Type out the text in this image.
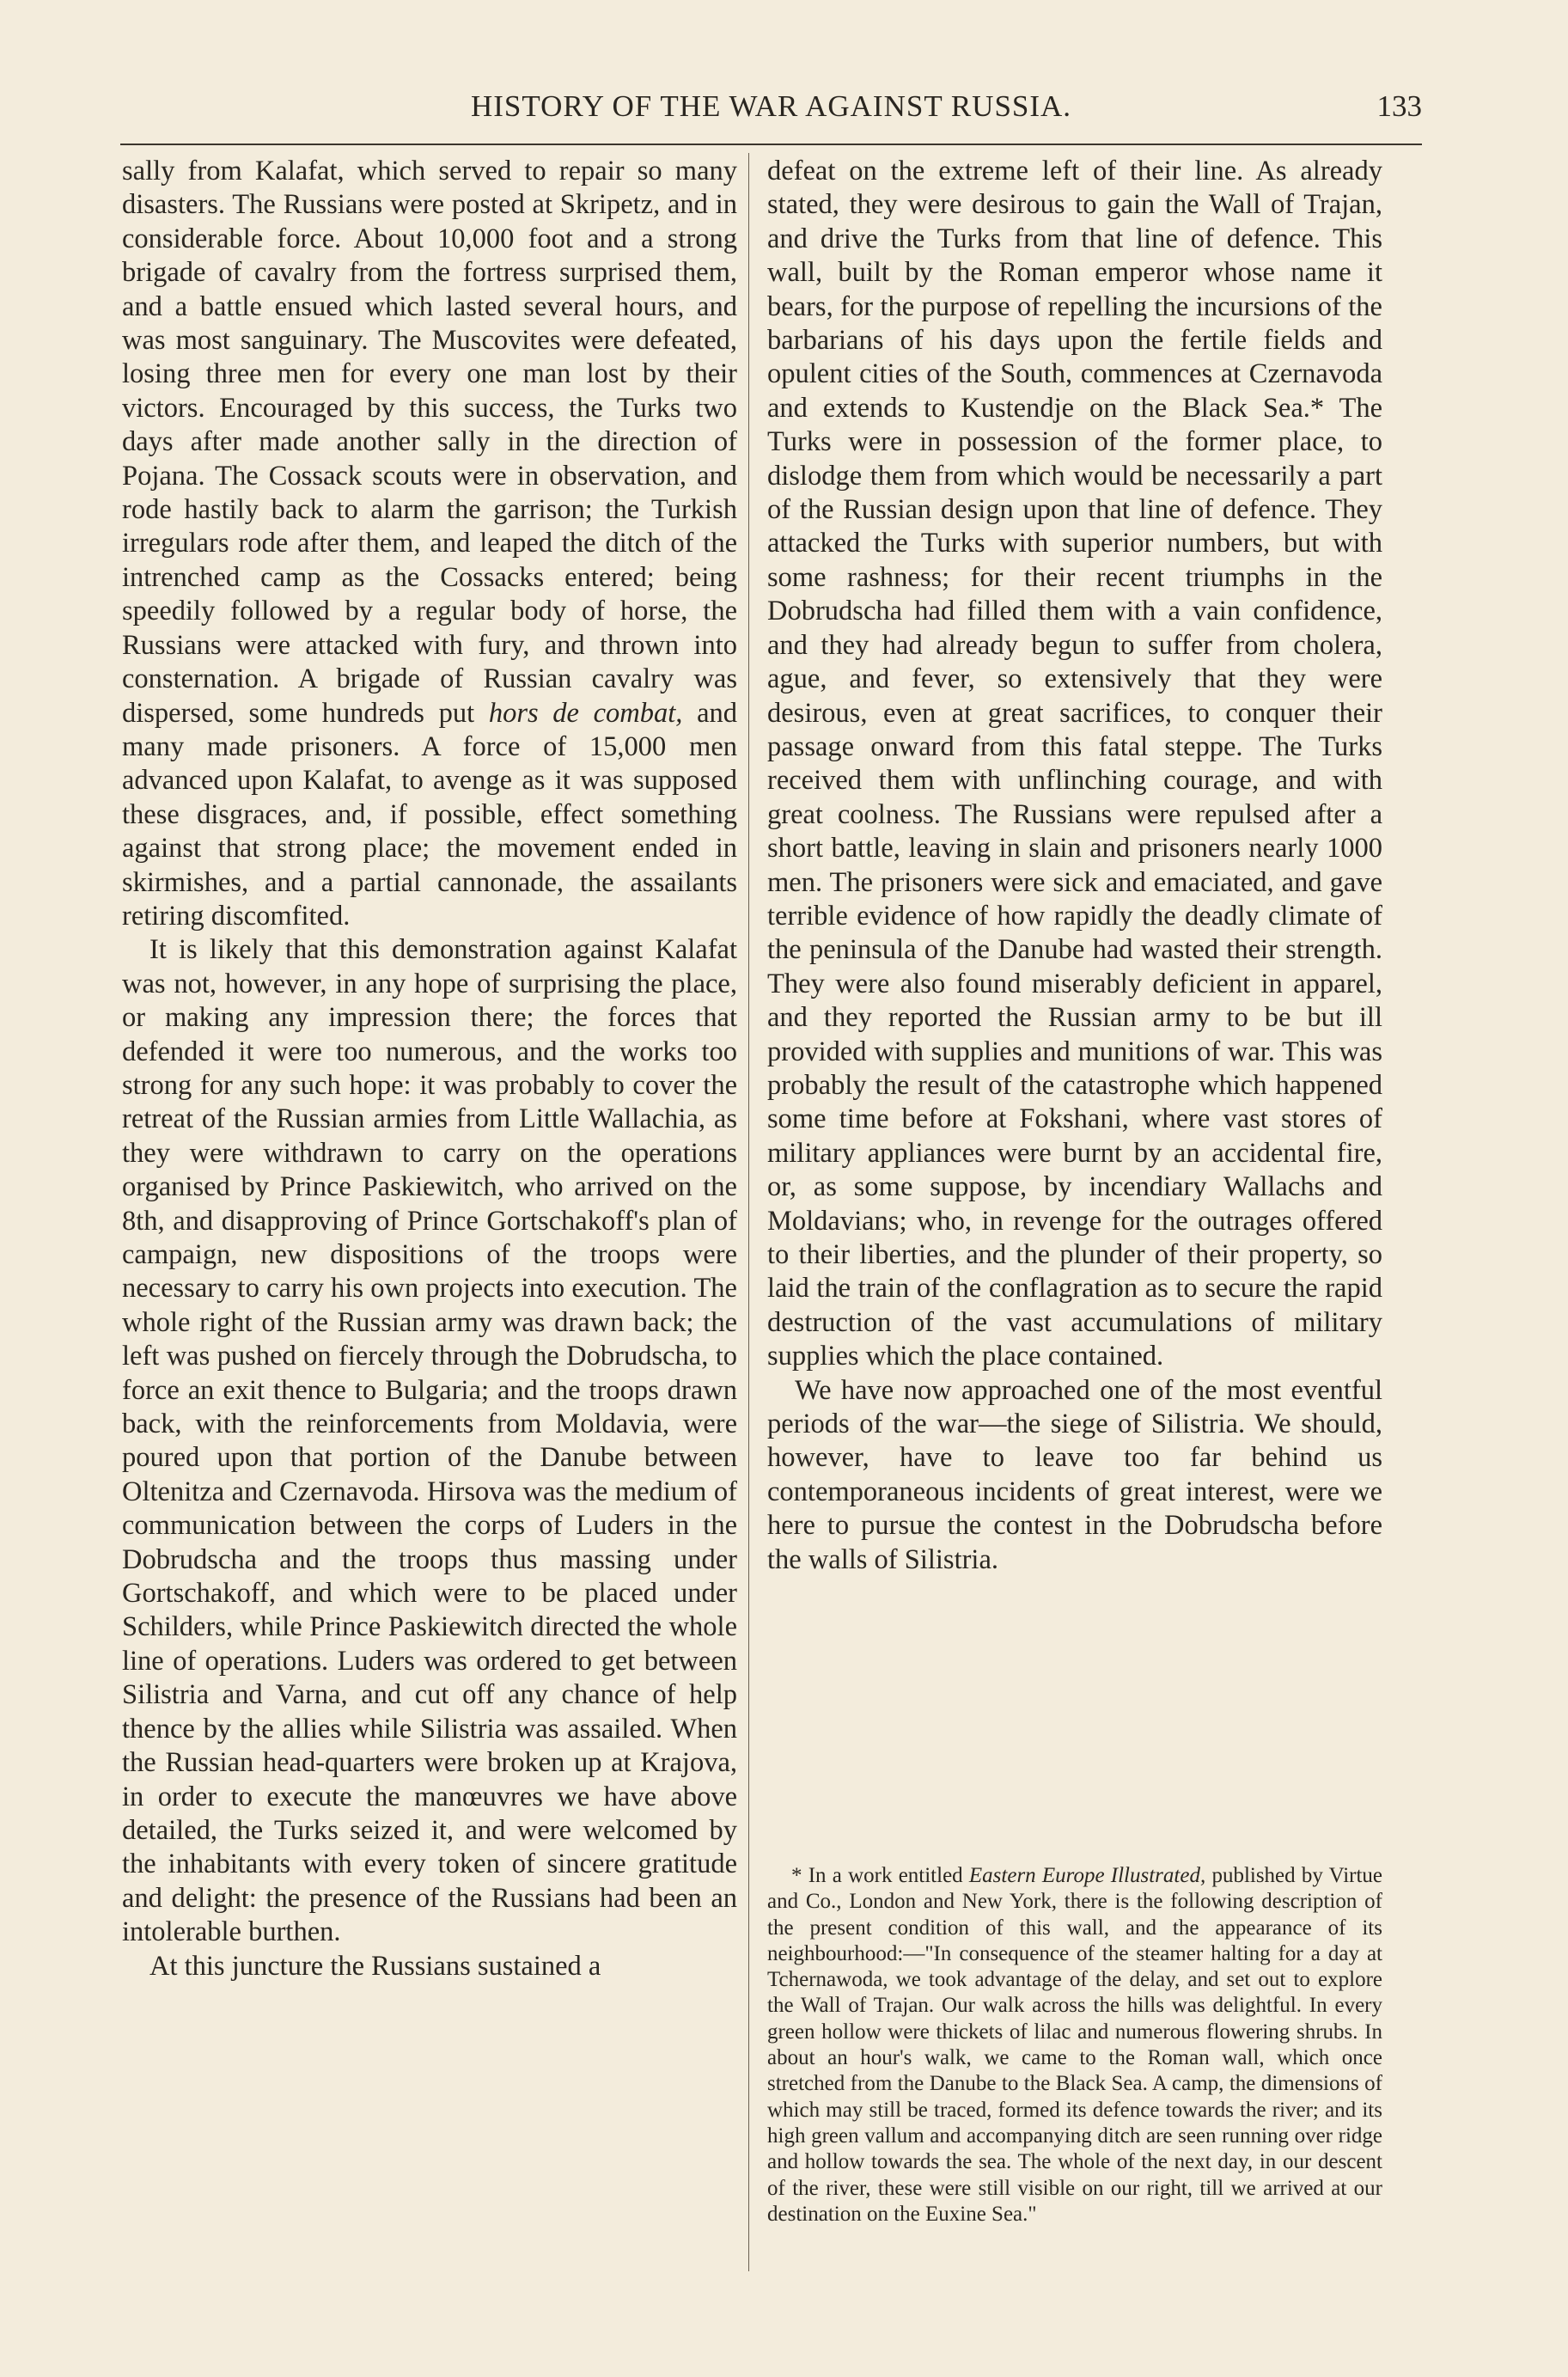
HISTORY OF THE WAR AGAINST RUSSIA.	133

sally from Kalafat, which served to repair so many disasters. The Russians were posted at Skripetz, and in considerable force. About 10,000 foot and a strong brigade of cavalry from the fortress surprised them, and a battle ensued which lasted several hours, and was most sanguinary. The Muscovites were defeated, losing three men for every one man lost by their victors. Encouraged by this success, the Turks two days after made another sally in the direction of Pojana. The Cossack scouts were in observation, and rode hastily back to alarm the garrison; the Turkish irregulars rode after them, and leaped the ditch of the intrenched camp as the Cossacks entered; being speedily followed by a regular body of horse, the Russians were attacked with fury, and thrown into consternation. A brigade of Russian cavalry was dispersed, some hundreds put hors de combat, and many made prisoners. A force of 15,000 men advanced upon Kalafat, to avenge as it was supposed these disgraces, and, if possible, effect something against that strong place; the movement ended in skirmishes, and a partial cannonade, the assailants retiring discomfited.

It is likely that this demonstration against Kalafat was not, however, in any hope of surprising the place, or making any impression there; the forces that defended it were too numerous, and the works too strong for any such hope: it was probably to cover the retreat of the Russian armies from Little Wallachia, as they were withdrawn to carry on the operations organised by Prince Paskiewitch, who arrived on the 8th, and disapproving of Prince Gortschakoff's plan of campaign, new dispositions of the troops were necessary to carry his own projects into execution. The whole right of the Russian army was drawn back; the left was pushed on fiercely through the Dobrudscha, to force an exit thence to Bulgaria; and the troops drawn back, with the reinforcements from Moldavia, were poured upon that portion of the Danube between Oltenitza and Czernavoda. Hirsova was the medium of communication between the corps of Luders in the Dobrudscha and the troops thus massing under Gortschakoff, and which were to be placed under Schilders, while Prince Paskiewitch directed the whole line of operations. Luders was ordered to get between Silistria and Varna, and cut off any chance of help thence by the allies while Silistria was assailed. When the Russian head-quarters were broken up at Krajova, in order to execute the manœuvres we have above detailed, the Turks seized it, and were welcomed by the inhabitants with every token of sincere gratitude and delight: the presence of the Russians had been an intolerable burthen.

At this juncture the Russians sustained a

defeat on the extreme left of their line. As already stated, they were desirous to gain the Wall of Trajan, and drive the Turks from that line of defence. This wall, built by the Roman emperor whose name it bears, for the purpose of repelling the incursions of the barbarians of his days upon the fertile fields and opulent cities of the South, commences at Czernavoda and extends to Kustendje on the Black Sea.* The Turks were in possession of the former place, to dislodge them from which would be necessarily a part of the Russian design upon that line of defence. They attacked the Turks with superior numbers, but with some rashness; for their recent triumphs in the Dobrudscha had filled them with a vain confidence, and they had already begun to suffer from cholera, ague, and fever, so extensively that they were desirous, even at great sacrifices, to conquer their passage onward from this fatal steppe. The Turks received them with unflinching courage, and with great coolness. The Russians were repulsed after a short battle, leaving in slain and prisoners nearly 1000 men. The prisoners were sick and emaciated, and gave terrible evidence of how rapidly the deadly climate of the peninsula of the Danube had wasted their strength. They were also found miserably deficient in apparel, and they reported the Russian army to be but ill provided with supplies and munitions of war. This was probably the result of the catastrophe which happened some time before at Fokshani, where vast stores of military appliances were burnt by an accidental fire, or, as some suppose, by incendiary Wallachs and Moldavians; who, in revenge for the outrages offered to their liberties, and the plunder of their property, so laid the train of the conflagration as to secure the rapid destruction of the vast accumulations of military supplies which the place contained.

We have now approached one of the most eventful periods of the war—the siege of Silistria. We should, however, have to leave too far behind us contemporaneous incidents of great interest, were we here to pursue the contest in the Dobrudscha before the walls of Silistria.

* In a work entitled Eastern Europe Illustrated, published by Virtue and Co., London and New York, there is the following description of the present condition of this wall, and the appearance of its neighbourhood:—"In consequence of the steamer halting for a day at Tchernawoda, we took advantage of the delay, and set out to explore the Wall of Trajan. Our walk across the hills was delightful. In every green hollow were thickets of lilac and numerous flowering shrubs. In about an hour's walk, we came to the Roman wall, which once stretched from the Danube to the Black Sea. A camp, the dimensions of which may still be traced, formed its defence towards the river; and its high green vallum and accompanying ditch are seen running over ridge and hollow towards the sea. The whole of the next day, in our descent of the river, these were still visible on our right, till we arrived at our destination on the Euxine Sea."
